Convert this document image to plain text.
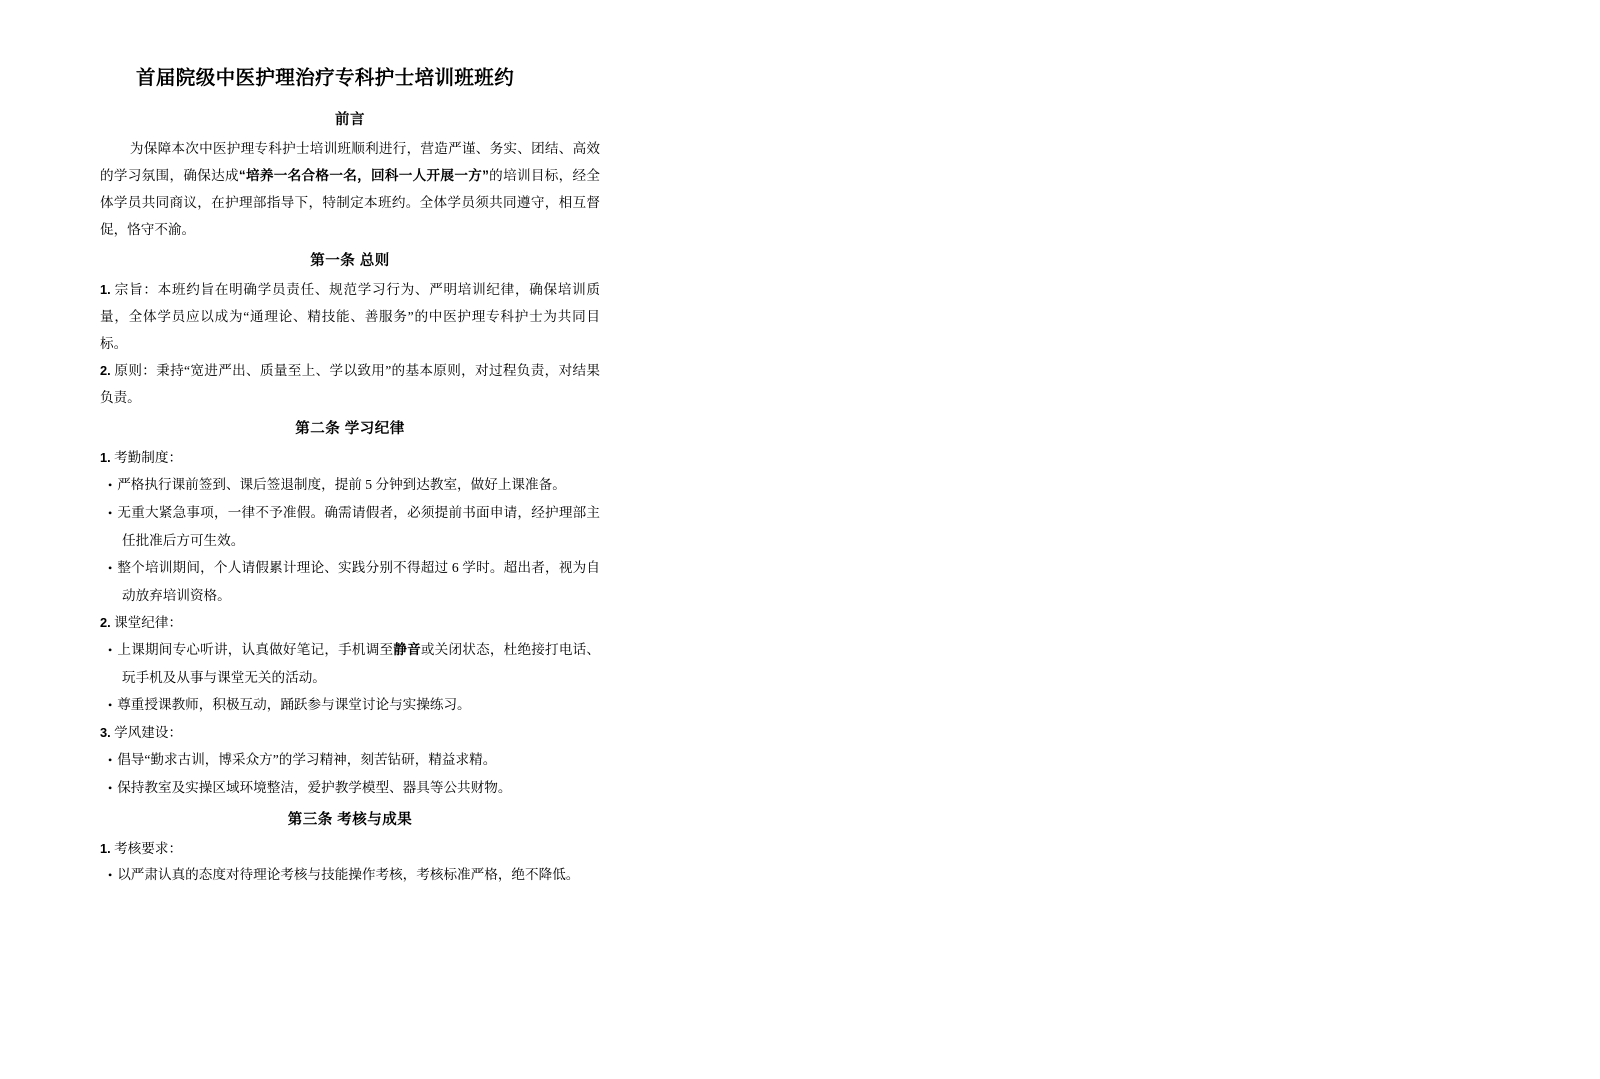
首届院级中医护理治疗专科护士培训班班约
前言

为保障本次中医护理专科护士培训班顺利进行，营造严谨、务实、团结、高效的学习氛围，确保达成“培养一名合格一名，回科一人开展一方”的培训目标，经全体学员共同商议，在护理部指导下，特制定本班约。全体学员须共同遵守，相互督促，恪守不渝。

第一条 总则

1. 宗旨：本班约旨在明确学员责任、规范学习行为、严明培训纪律，确保培训质量，全体学员应以成为“通理论、精技能、善服务”的中医护理专科护士为共同目标。

2. 原则：秉持“宽进严出、质量至上、学以致用”的基本原则，对过程负责，对结果负责。

第二条 学习纪律

1. 考勤制度：

• 严格执行课前签到、课后签退制度，提前 5 分钟到达教室，做好上课准备。

• 无重大紧急事项，一律不予准假。确需请假者，必须提前书面申请，经护理部主任批准后方可生效。

• 整个培训期间，个人请假累计理论、实践分别不得超过 6 学时。超出者，视为自动放弃培训资格。

2. 课堂纪律：

• 上课期间专心听讲，认真做好笔记，手机调至静音或关闭状态，杜绝接打电话、玩手机及从事与课堂无关的活动。

• 尊重授课教师，积极互动，踊跃参与课堂讨论与实操练习。

3. 学风建设：

• 倡导“勤求古训，博采众方”的学习精神，刻苦钻研，精益求精。

• 保持教室及实操区域环境整洁，爱护教学模型、器具等公共财物。

第三条 考核与成果

1. 考核要求：

• 以严肃认真的态度对待理论考核与技能操作考核，考核标准严格，绝不降低。
